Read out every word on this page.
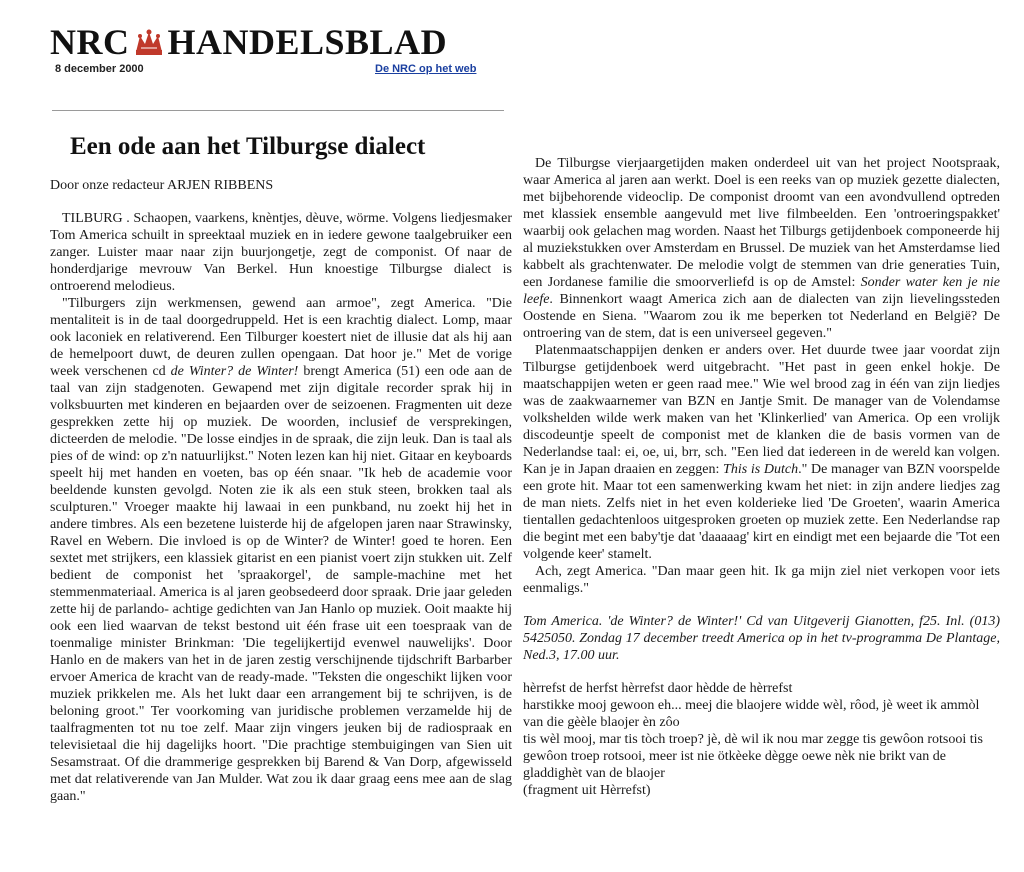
NRC HANDELSBLAD
8 december 2000	De NRC op het web
Een ode aan het Tilburgse dialect
Door onze redacteur ARJEN RIBBENS

TILBURG . Schaopen, vaarkens, knèntjes, dèuve, wörme. Volgens liedjesmaker Tom America schuilt in spreektaal muziek en in iedere gewone taalgebruiker een zanger. Luister maar naar zijn buurjongetje, zegt de componist. Of naar de honderdjarige mevrouw Van Berkel. Hun knoestige Tilburgse dialect is ontroerend melodieus.

"Tilburgers zijn werkmensen, gewend aan armoe", zegt America. "Die mentaliteit is in de taal doorgedruppeld. Het is een krachtig dialect. Lomp, maar ook laconiek en relativerend. Een Tilburger koestert niet de illusie dat als hij aan de hemelpoort duwt, de deuren zullen opengaan. Dat hoor je." Met de vorige week verschenen cd de Winter? de Winter! brengt America (51) een ode aan de taal van zijn stadgenoten. Gewapend met zijn digitale recorder sprak hij in volksbuurten met kinderen en bejaarden over de seizoenen. Fragmenten uit deze gesprekken zette hij op muziek. De woorden, inclusief de versprekingen, dicteerden de melodie. "De losse eindjes in de spraak, die zijn leuk. Dan is taal als pies of de wind: op z'n natuurlijkst." Noten lezen kan hij niet. Gitaar en keyboards speelt hij met handen en voeten, bas op één snaar. "Ik heb de academie voor beeldende kunsten gevolgd. Noten zie ik als een stuk steen, brokken taal als sculpturen." Vroeger maakte hij lawaai in een punkband, nu zoekt hij het in andere timbres. Als een bezetene luisterde hij de afgelopen jaren naar Strawinsky, Ravel en Webern. Die invloed is op de Winter? de Winter! goed te horen. Een sextet met strijkers, een klassiek gitarist en een pianist voert zijn stukken uit. Zelf bedient de componist het 'spraakorgel', de sample-machine met het stemmenmateriaal. America is al jaren geobsedeerd door spraak. Drie jaar geleden zette hij de parlando- achtige gedichten van Jan Hanlo op muziek. Ooit maakte hij ook een lied waarvan de tekst bestond uit één frase uit een toespraak van de toenmalige minister Brinkman: 'Die tegelijkertijd evenwel nauwelijks'. Door Hanlo en de makers van het in de jaren zestig verschijnende tijdschrift Barbarber ervoer America de kracht van de ready-made. "Teksten die ongeschikt lijken voor muziek prikkelen me. Als het lukt daar een arrangement bij te schrijven, is de beloning groot." Ter voorkoming van juridische problemen verzamelde hij de taalfragmenten tot nu toe zelf. Maar zijn vingers jeuken bij de radiospraak en televisietaal die hij dagelijks hoort. "Die prachtige stembuigingen van Sien uit Sesamstraat. Of die drammerige gesprekken bij Barend & Van Dorp, afgewisseld met dat relativerende van Jan Mulder. Wat zou ik daar graag eens mee aan de slag gaan."

De Tilburgse vierjaargetijden maken onderdeel uit van het project Nootspraak, waar America al jaren aan werkt. Doel is een reeks van op muziek gezette dialecten, met bijbehorende videoclip. De componist droomt van een avondvullend optreden met klassiek ensemble aangevuld met live filmbeelden. Een 'ontroeringspakket' waarbij ook gelachen mag worden. Naast het Tilburgs getijdenboek componeerde hij al muziekstukken over Amsterdam en Brussel. De muziek van het Amsterdamse lied kabbelt als grachtenwater. De melodie volgt de stemmen van drie generaties Tuin, een Jordanese familie die smoorverliefd is op de Amstel: Sonder water ken je nie leefe. Binnenkort waagt America zich aan de dialecten van zijn lievelingssteden Oostende en Siena. "Waarom zou ik me beperken tot Nederland en België? De ontroering van de stem, dat is een universeel gegeven."

Platenmaatschappijen denken er anders over. Het duurde twee jaar voordat zijn Tilburgse getijdenboek werd uitgebracht. "Het past in geen enkel hokje. De maatschappijen weten er geen raad mee." Wie wel brood zag in één van zijn liedjes was de zaakwaarnemer van BZN en Jantje Smit. De manager van de Volendamse volkshelden wilde werk maken van het 'Klinkerlied' van America. Op een vrolijk discodeuntje speelt de componist met de klanken die de basis vormen van de Nederlandse taal: ei, oe, ui, brr, sch. "Een lied dat iedereen in de wereld kan volgen. Kan je in Japan draaien en zeggen: This is Dutch." De manager van BZN voorspelde een grote hit. Maar tot een samenwerking kwam het niet: in zijn andere liedjes zag de man niets. Zelfs niet in het even kolderieke lied 'De Groeten', waarin America tientallen gedachtenloos uitgesproken groeten op muziek zette. Een Nederlandse rap die begint met een baby'tje dat 'daaaaag' kirt en eindigt met een bejaarde die 'Tot een volgende keer' stamelt.

Ach, zegt America. "Dan maar geen hit. Ik ga mijn ziel niet verkopen voor iets eenmaligs."

Tom America. 'de Winter? de Winter!' Cd van Uitgeverij Gianotten, f25. Inl. (013) 5425050. Zondag 17 december treedt America op in het tv-programma De Plantage, Ned.3, 17.00 uur.

hèrrefst de herfst hèrrefst daor hèdde de hèrrefst
harstikke mooj gewoon eh... meej die blaojere widde wèl, rôod, jè weet ik ammòl van die gèèle blaojer èn zôo
tis wèl mooj, mar tis tòch troep? jè, dè wil ik nou mar zegge tis gewôon rotsooi tis gewôon troep rotsooi, meer ist nie ötkèeke dègge oewe nèk nie brikt van de gladdighèt van de blaojer
(fragment uit Hèrrefst)
